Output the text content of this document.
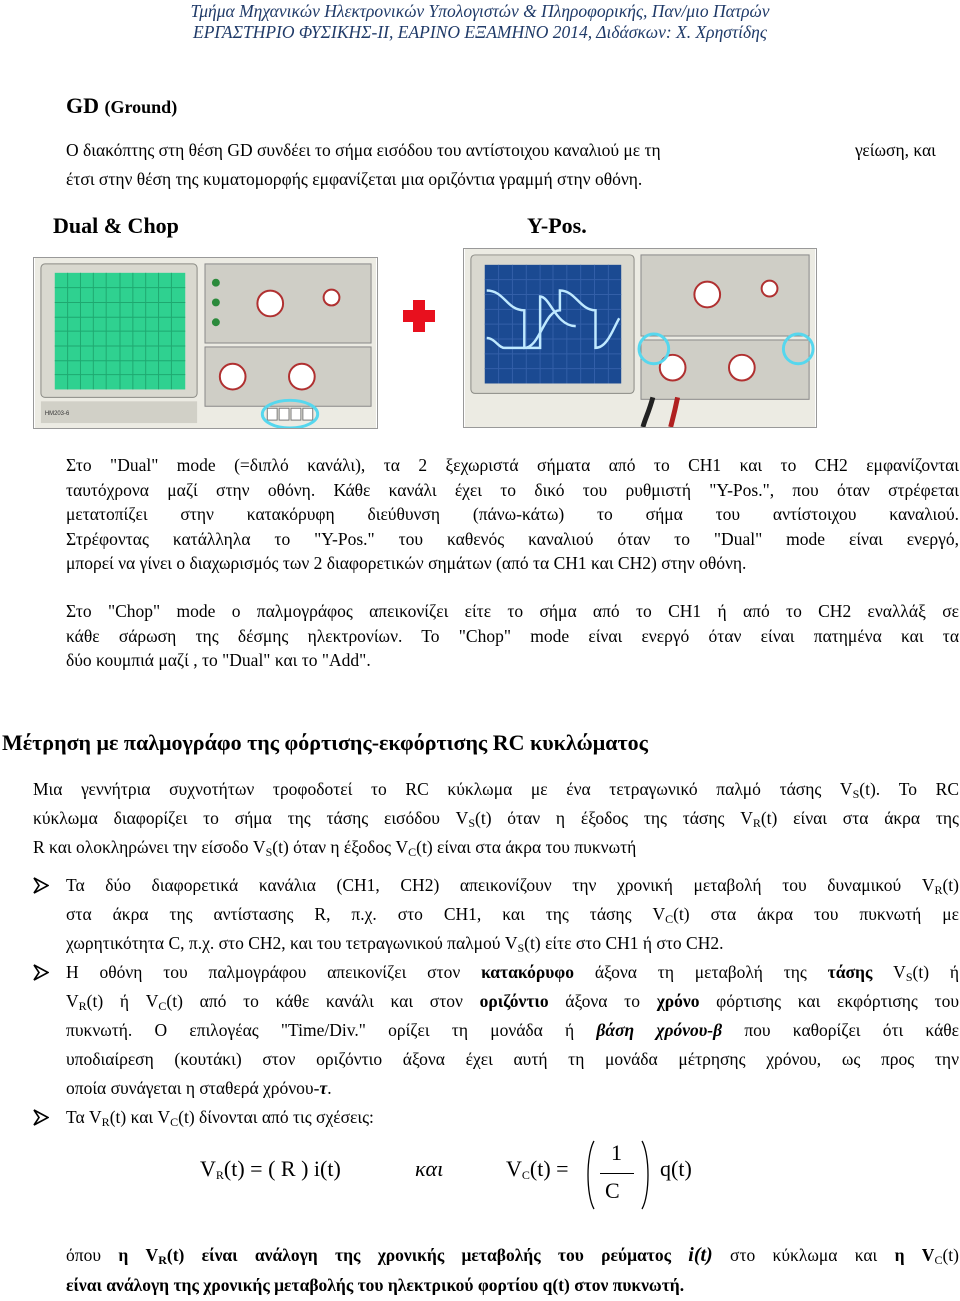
Τμήμα Μηχανικών Ηλεκτρονικών Υπολογιστών & Πληροφορικής, Παν/μιο Πατρών
ΕΡΓΑΣΤΗΡΙΟ ΦΥΣΙΚΗΣ-ΙΙ, ΕΑΡΙΝΟ ΕΞΑΜΗΝΟ 2014, Διδάσκων: Χ. Χρηστίδης
GD (Ground)
Ο διακόπτης στη θέση GD συνδέει το σήμα εισόδου του αντίστοιχου καναλιού με τη	γείωση, και
έτσι στην θέση της κυματομορφής εμφανίζεται μια οριζόντια γραμμή στην οθόνη.
Dual & Chop	Y-Pos.
HM203-6
Στο "Dual" mode (=διπλό κανάλι), τα 2 ξεχωριστά σήματα από το CH1 και το CH2 εμφανίζονται
ταυτόχρονα μαζί στην οθόνη. Κάθε κανάλι έχει το δικό του ρυθμιστή "Y-Pos.", που όταν στρέφεται
μετατοπίζει στην κατακόρυφη διεύθυνση (πάνω-κάτω) το σήμα του αντίστοιχου καναλιού.
Στρέφοντας κατάλληλα το "Y-Pos." του καθενός καναλιού όταν το "Dual" mode είναι ενεργό,
μπορεί να γίνει ο διαχωρισμός των 2 διαφορετικών σημάτων (από τα CH1 και CH2) στην οθόνη.
Στο "Chop" mode ο παλμογράφος απεικονίζει είτε το σήμα από το CH1 ή από το CH2 εναλλάξ σε
κάθε σάρωση της δέσμης ηλεκτρονίων. Το "Chop" mode είναι ενεργό όταν είναι πατημένα και τα
δύο κουμπιά μαζί , το "Dual" και το "Add".
Μέτρηση με παλμογράφο της φόρτισης-εκφόρτισης RC κυκλώματος
Μια γεννήτρια συχνοτήτων τροφοδοτεί το RC κύκλωμα με ένα τετραγωνικό παλμό τάσης $V_S(t)$. Το RC
κύκλωμα διαφορίζει το σήμα της τάσης εισόδου $V_S(t)$ όταν η έξοδος της τάσης $V_R(t)$ είναι στα άκρα της
R και ολοκληρώνει την είσοδο $V_S(t)$ όταν η έξοδος $V_C(t)$ είναι στα άκρα του πυκνωτή
Τα δύο διαφορετικά κανάλια (CH1, CH2) απεικονίζουν την χρονική μεταβολή του δυναμικού $V_R(t)$
στα άκρα της αντίστασης R, π.χ. στο CH1, και της τάσης $V_C(t)$ στα άκρα του πυκνωτή με
χωρητικότητα C, π.χ. στο CH2, και του τετραγωνικού παλμού $V_S(t)$ είτε στο CH1 ή στο CH2.
Η οθόνη του παλμογράφου απεικονίζει στον κατακόρυφο άξονα τη μεταβολή της τάσης $V_S(t)$ ή
$V_R(t)$ ή $V_C(t)$ από το κάθε κανάλι και στον οριζόντιο άξονα το χρόνο φόρτισης και εκφόρτισης του
πυκνωτή. Ο επιλογέας "Time/Div." ορίζει τη μονάδα ή βάση χρόνου-β που καθορίζει ότι κάθε
υποδιαίρεση (κουτάκι) στον οριζόντιο άξονα έχει αυτή τη μονάδα μέτρησης χρόνου, ως προς την
οποία συνάγεται η σταθερά χρόνου-τ.
Τα $V_R(t)$ και $V_C(t)$ δίνονται από τις σχέσεις:
$V_R(t)$ = ( R ) i(t)	και	$V_C(t)$ =
1
C
q(t)
όπου η $V_R(t)$ είναι ανάλογη της χρονικής μεταβολής του ρεύματος i(t) στο κύκλωμα και η $V_C(t)$
είναι ανάλογη της χρονικής μεταβολής του ηλεκτρικού φορτίου q(t) στον πυκνωτή.
